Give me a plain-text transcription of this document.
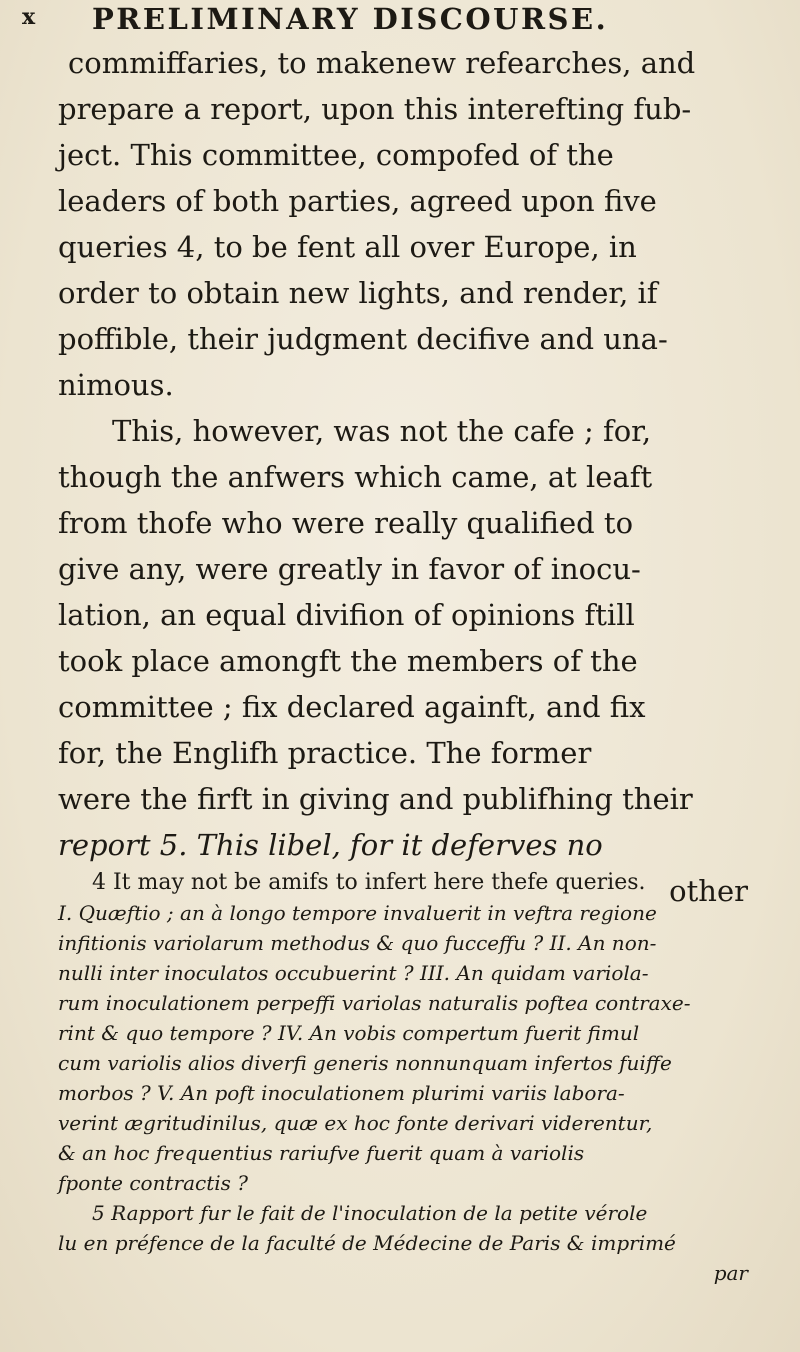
x PRELIMINARY DISCOURSE.
commiffaries, to makenew refearches, and
prepare a report, upon this interefting fub-
ject. This committee, compofed of the
leaders of both parties, agreed upon five
queries 4, to be fent all over Europe, in
order to obtain new lights, and render, if
poffible, their judgment decifive and una-
nimous.
This, however, was not the cafe ; for,
though the anfwers which came, at leaft
from thofe who were really qualified to
give any, were greatly in favor of inocu-
lation, an equal divifion of opinions ftill
took place amongft the members of the
committee ; fix declared againft, and fix
for, the Englifh practice. The former
were the firft in giving and publifhing their
report 5. This libel, for it deferves no
other
4 It may not be amifs to infert here thefe queries.
I. Quæftio ; an à longo tempore invaluerit in veftra regione
infitionis variolarum methodus & quo fucceffu ? II. An non-
nulli inter inoculatos occubuerint ? III. An quidam variola-
rum inoculationem perpeffi variolas naturalis poftea contraxe-
rint & quo tempore ? IV. An vobis compertum fuerit fimul
cum variolis alios diverfi generis nonnunquam infertos fuiffe
morbos ? V. An poft inoculationem plurimi variis labora-
verint ægritudinilus, quæ ex hoc fonte derivari viderentur,
& an hoc frequentius rariufve fuerit quam à variolis
fponte contractis ?
5 Rapport fur le fait de l'inoculation de la petite vérole
lu en préfence de la faculté de Médecine de Paris & imprimé
par
